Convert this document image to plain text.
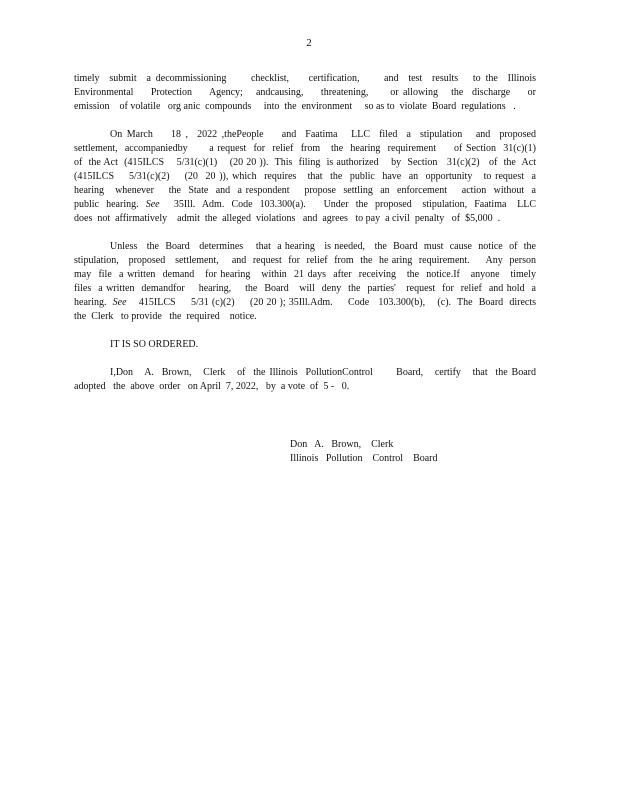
2
timely  submit  a decommissioning     checklist,    certification,     and  test  results   to the  Illinois
Environmental    Protection    Agency;   andcausing,    threatening,     or allowing   the  discharge    or
emission    of volatile   org anic  compounds     into  the  environment     so as to  violate  Board  regulations   .
On March    18 ,  2022 ,thePeople    and  Faatima   LLC  filed  a  stipulation   and  proposed
settlement,  accompaniedby      a request  for  relief  from   the  hearing  requirement     of Section  31(c)(1)
of  the Act  (415ILCS    5/31(c)(1)    (20 20 )).  This  filing  is authorized    by  Section   31(c)(2)   of  the  Act
(415ILCS    5/31(c)(2)    (20  20 )), which  requires   that  the  public  have  an  opportunity   to request  a
hearing   whenever    the  State  and  a respondent    propose  settling  an  enforcement    action  without  a
public  hearing.  See    35Ill.  Adm.  Code  103.300(a).     Under  the  proposed   stipulation,  Faatima   LLC
does  not  affirmatively    admit  the  alleged  violations   and  agrees   to pay  a civil  penalty   of  $5,000  .
Unless   the  Board   determines    that  a hearing   is needed,   the  Board  must  cause  notice  of  the
stipulation,   proposed   settlement,    and  request  for  relief  from  the  he aring  requirement.     Any  person
may  file  a written  demand   for hearing   within  21 days  after  receiving   the  notice.If   anyone   timely
files  a written  demandfor    hearing,    the  Board   will  deny  the  parties'   request  for  relief  and hold  a
hearing.  See    415ILCS     5/31 (c)(2)     (20 20 ); 35Ill.Adm.     Code   103.300(b),    (c).  The  Board  directs
the  Clerk   to provide   the  required    notice.
IT IS SO ORDERED.
I,Don   A.  Brown,   Clerk   of  the Illinois  PollutionControl      Board,   certify   that  the Board
adopted   the  above  order   on April  7, 2022,   by  a vote  of  5 -   0.
Don   A.   Brown,    Clerk
Illinois   Pollution    Control    Board
